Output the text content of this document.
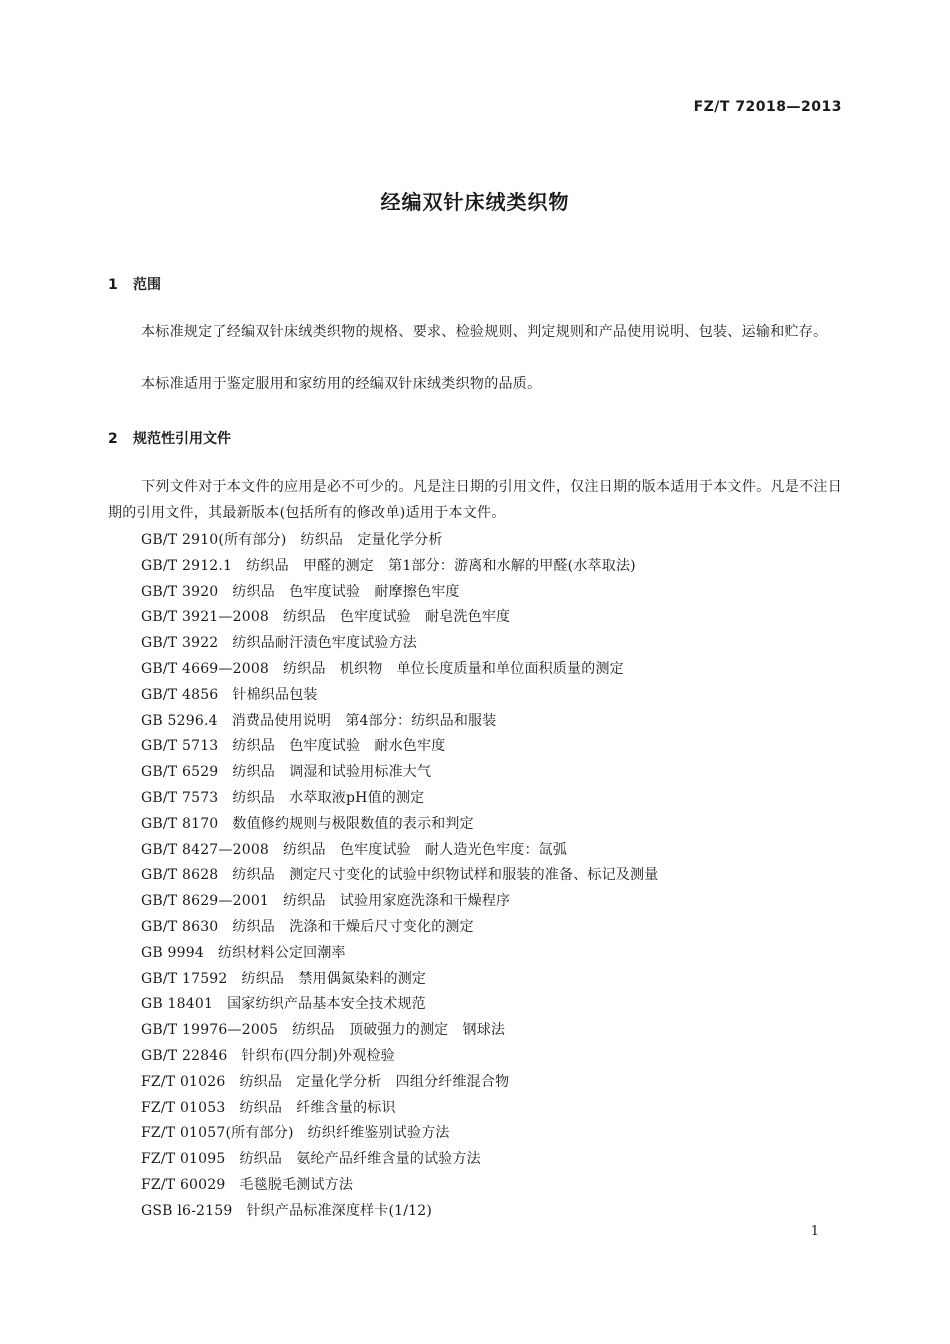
FZ/T 72018—2013
经编双针床绒类织物
1 范围

本标准规定了经编双针床绒类织物的规格、要求、检验规则、判定规则和产品使用说明、包装、运输和贮存。

本标准适用于鉴定服用和家纺用的经编双针床绒类织物的品质。

2 规范性引用文件

下列文件对于本文件的应用是必不可少的。凡是注日期的引用文件，仅注日期的版本适用于本文件。凡是不注日期的引用文件，其最新版本(包括所有的修改单)适用于本文件。

GB/T 2910(所有部分) 纺织品　定量化学分析
GB/T 2912.1 纺织品　甲醛的测定　第1部分：游离和水解的甲醛(水萃取法)
GB/T 3920 纺织品　色牢度试验　耐摩擦色牢度
GB/T 3921—2008 纺织品　色牢度试验　耐皂洗色牢度
GB/T 3922 纺织品耐汗渍色牢度试验方法
GB/T 4669—2008 纺织品　机织物　单位长度质量和单位面积质量的测定
GB/T 4856 针棉织品包装
GB 5296.4 消费品使用说明　第4部分：纺织品和服装
GB/T 5713 纺织品　色牢度试验　耐水色牢度
GB/T 6529 纺织品　调湿和试验用标准大气
GB/T 7573 纺织品　水萃取液pH值的测定
GB/T 8170 数值修约规则与极限数值的表示和判定
GB/T 8427—2008 纺织品　色牢度试验　耐人造光色牢度：氙弧
GB/T 8628 纺织品　测定尺寸变化的试验中织物试样和服装的准备、标记及测量
GB/T 8629—2001 纺织品　试验用家庭洗涤和干燥程序
GB/T 8630 纺织品　洗涤和干燥后尺寸变化的测定
GB 9994 纺织材料公定回潮率
GB/T 17592 纺织品　禁用偶氮染料的测定
GB 18401 国家纺织产品基本安全技术规范
GB/T 19976—2005 纺织品　顶破强力的测定　钢球法
GB/T 22846 针织布(四分制)外观检验
FZ/T 01026 纺织品　定量化学分析　四组分纤维混合物
FZ/T 01053 纺织品　纤维含量的标识
FZ/T 01057(所有部分) 纺织纤维鉴别试验方法
FZ/T 01095 纺织品　氨纶产品纤维含量的试验方法
FZ/T 60029 毛毯脱毛测试方法
GSB l6-2159 针织产品标准深度样卡(1/12)
1
